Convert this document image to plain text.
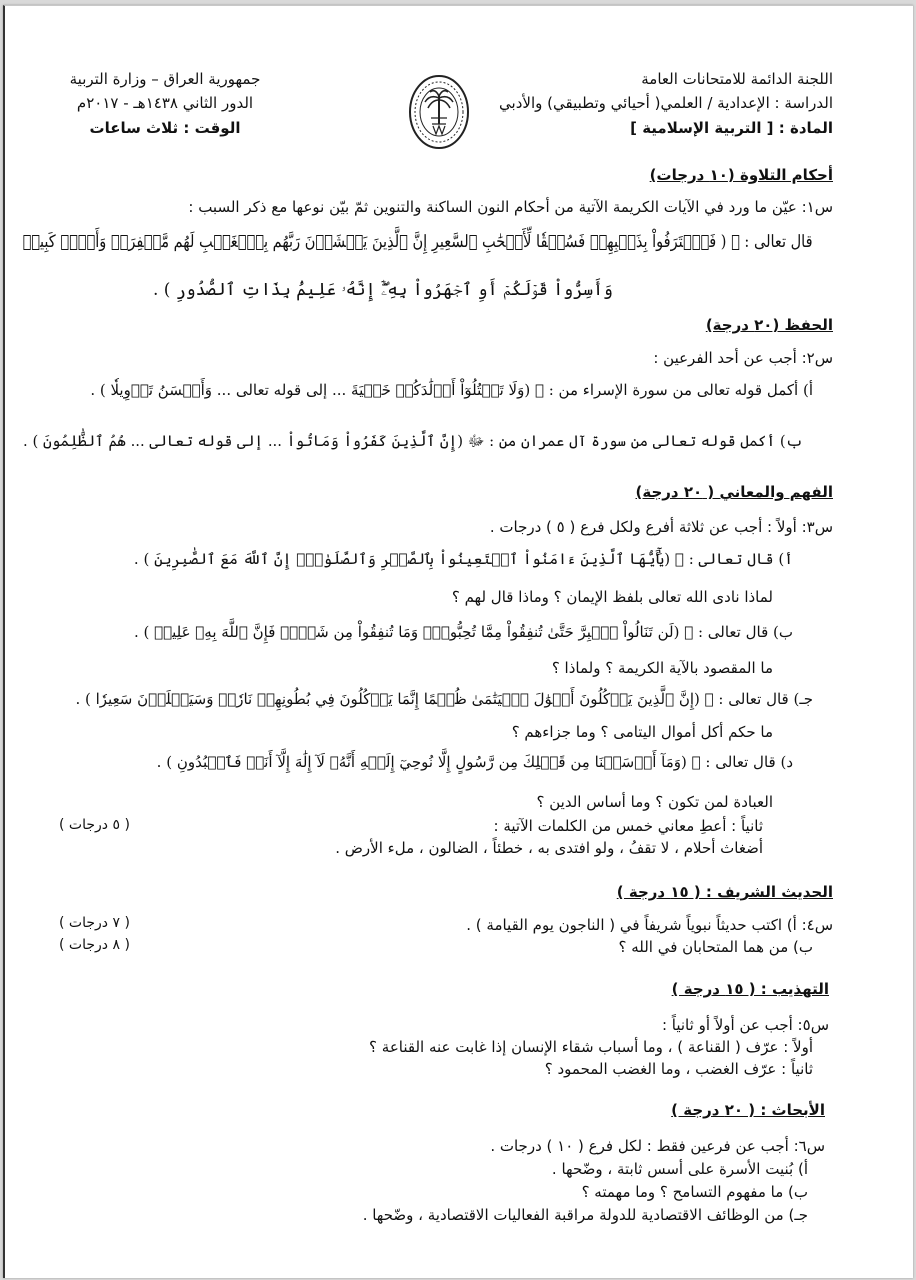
اللجنة الدائمة للامتحانات العامة
الدراسة : الإعدادية / العلمي( أحيائي وتطبيقي) والأدبي
المادة : [ التربية الإسلامية ]
جمهورية العراق – وزارة التربية
الدور الثاني ١٤٣٨هـ - ٢٠١٧م
الوقت : ثلاث ساعات
أحكام التلاوة (١٠ درجات)
س١: عيّن ما ورد في الآيات الكريمة الآتية من أحكام النون الساكنة والتنوين ثمّ بيّن نوعها مع ذكر السبب :
قال تعالى : ﷻ ( فَٱعۡتَرَفُواْ بِذَنۢبِهِمۡ فَسُحۡقٗا لِّأَصۡحَٰبِ ٱلسَّعِيرِ إِنَّ ٱلَّذِينَ يَخۡشَوۡنَ رَبَّهُم بِٱلۡغَيۡبِ لَهُم مَّغۡفِرَةٞ وَأَجۡرٞ كَبِيرٞ
وَأَسِرُّواْ قَوۡلَكُمۡ أَوِ ٱجۡهَرُواْ بِهِۦٓۖ إِنَّهُۥ عَلِيمُۢ بِذَاتِ ٱلصُّدُورِ ) .
الحفظ (٢٠ درجة)
س٢: أجب عن أحد الفرعين :
أ) أكمل قوله تعالى من سورة الإسراء من : ﷻ (وَلَا تَقۡتُلُوٓاْ أَوۡلَٰدَكُمۡ خَشۡيَةَ ... إلى قوله تعالى ... وَأَحۡسَنُ تَأۡوِيلٗا ) .
ب) أكمل قوله تعالى من سورة آل عمران من : ﷻ (إِنَّ ٱلَّذِينَ كَفَرُواْ وَمَاتُواْ ... إلى قوله تعالى ... هُمُ ٱلظَّٰلِمُونَ ) .
الفهم والمعاني ( ٢٠ درجة)
س٣: أولاً : أجب عن ثلاثة أفرع ولكل فرع ( ٥ ) درجات .
أ) قال تعالى : ﷻ (يَٰٓأَيُّهَا ٱلَّذِينَ ءَامَنُواْ ٱسۡتَعِينُواْ بِٱلصَّبۡرِ وَٱلصَّلَوٰةِۚ إِنَّ ٱللَّهَ مَعَ ٱلصَّٰبِرِينَ ) .
لماذا نادى الله تعالى بلفظ الإيمان ؟ وماذا قال لهم ؟
ب) قال تعالى : ﷻ (لَن تَنَالُواْ ٱلۡبِرَّ حَتَّىٰ تُنفِقُواْ مِمَّا تُحِبُّونَۚ وَمَا تُنفِقُواْ مِن شَيۡءٖ فَإِنَّ ٱللَّهَ بِهِۦ عَلِيمٞ ) .
ما المقصود بالآية الكريمة ؟ ولماذا ؟
جـ) قال تعالى : ﷻ (إِنَّ ٱلَّذِينَ يَأۡكُلُونَ أَمۡوَٰلَ ٱلۡيَتَٰمَىٰ ظُلۡمًا إِنَّمَا يَأۡكُلُونَ فِي بُطُونِهِمۡ نَارٗاۖ وَسَيَصۡلَوۡنَ سَعِيرٗا ) .
ما حكم أكل أموال اليتامى ؟ وما جزاءهم ؟
د) قال تعالى : ﷻ (وَمَآ أَرۡسَلۡنَا مِن قَبۡلِكَ مِن رَّسُولٍ إِلَّا نُوحِيٓ إِلَيۡهِ أَنَّهُۥ لَآ إِلَٰهَ إِلَّآ أَنَا۠ فَٱعۡبُدُونِ ) .
العبادة لمن تكون ؟ وما أساس الدين ؟
ثانياً : أعطِ معاني خمس من الكلمات الآتية :
( ٥ درجات )
أضغاث أحلام ، لا تقفُ ، ولو افتدى به ، خطئاً ، الضالون ، ملء الأرض .
الحديث الشريف : ( ١٥ درجة )
س٤: أ) اكتب حديثاً نبوياً شريفاً في ( الناجون يوم القيامة ) .
( ٧ درجات )
ب) من هما المتحابان في الله ؟
( ٨ درجات )
التهذيب : ( ١٥ درجة )
س٥: أجب عن أولاً أو ثانياً :
أولاً : عرّف ( القناعة ) ، وما أسباب شقاء الإنسان إذا غابت عنه القناعة ؟
ثانياً : عرّف الغضب ، وما الغضب المحمود ؟
الأبحاث : ( ٢٠ درجة )
س٦: أجب عن فرعين فقط : لكل فرع ( ١٠ ) درجات .
أ) بُنيت الأسرة على أسس ثابتة ، وضّحها .
ب) ما مفهوم التسامح ؟ وما مهمته ؟
جـ) من الوظائف الاقتصادية للدولة مراقبة الفعاليات الاقتصادية ، وضّحها .
